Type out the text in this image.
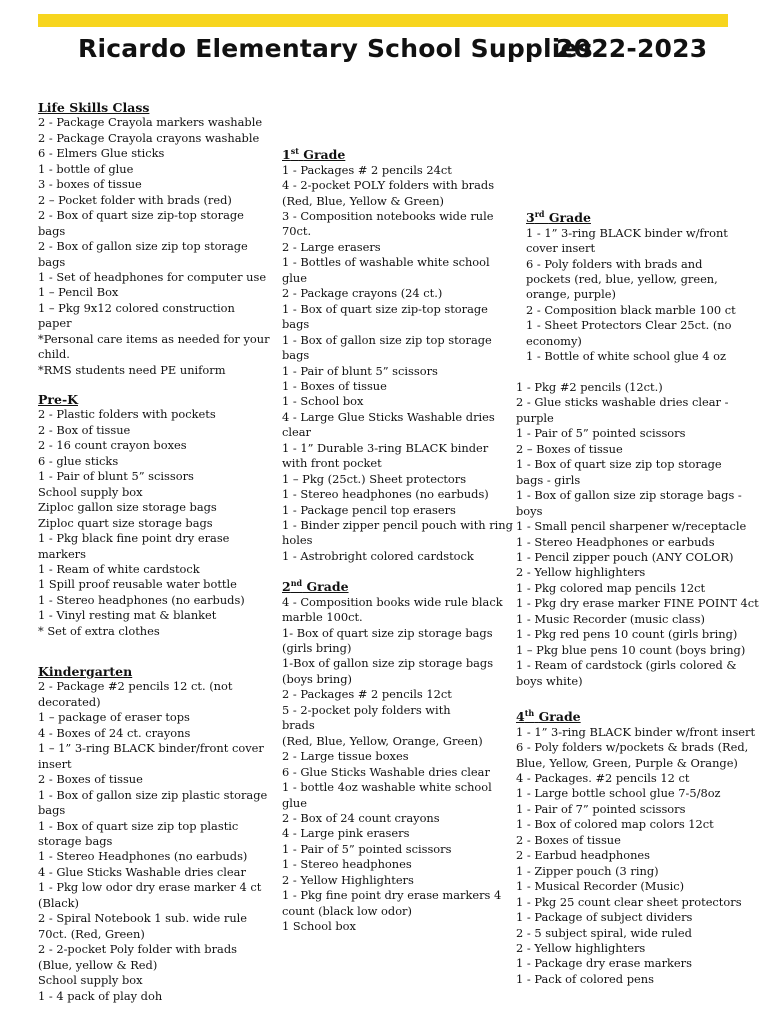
Ricardo Elementary School Supplies
2022-2023
Life Skills Class
2 - Package Crayola markers washable
2 - Package Crayola crayons washable
6 - Elmers Glue sticks
1 - bottle of glue
3 - boxes of tissue
2 – Pocket folder with brads (red)
2 - Box of quart size zip-top storage
bags
2 - Box of gallon size zip top storage
bags
1 - Set of headphones for computer use
1 – Pencil Box
1 – Pkg 9x12 colored construction
paper
*Personal care items as needed for your
child.
*RMS students need PE uniform
Pre-K
2 - Plastic folders with pockets
2 - Box of tissue
2 - 16 count crayon boxes
6 - glue sticks
1 - Pair of blunt 5” scissors
School supply box
Ziploc gallon size storage bags
Ziploc quart size storage bags
1 - Pkg black fine point dry erase
markers
1 - Ream of white cardstock
1 Spill proof reusable water bottle
1 - Stereo headphones (no earbuds)
1 - Vinyl resting mat & blanket
* Set of extra clothes
Kindergarten
2 - Package #2 pencils 12 ct. (not
decorated)
1 – package of eraser tops
4 - Boxes of 24 ct. crayons
1 – 1” 3-ring BLACK binder/front cover
insert
2 - Boxes of tissue
1 - Box of gallon size zip plastic storage
bags
1 - Box of quart size zip top plastic
storage bags
1 - Stereo Headphones (no earbuds)
4 - Glue Sticks Washable dries clear
1 - Pkg low odor dry erase marker 4 ct
(Black)
2 - Spiral Notebook 1 sub. wide rule
70ct. (Red, Green)
2 - 2-pocket Poly folder with brads
(Blue, yellow & Red)
School supply box
1 - 4 pack of play doh
1st Grade
1 - Packages # 2 pencils 24ct
4 - 2-pocket POLY folders with brads
(Red, Blue, Yellow & Green)
3 - Composition notebooks wide rule
70ct.
2 - Large erasers
1 - Bottles of washable white school
glue
2 - Package crayons (24 ct.)
1 - Box of quart size zip-top storage
bags
1 - Box of gallon size zip top storage
bags
1 - Pair of blunt 5” scissors
1 - Boxes of tissue
1 - School box
4 - Large Glue Sticks Washable dries
clear
1 - 1” Durable 3-ring BLACK binder
with front pocket
1 – Pkg (25ct.) Sheet protectors
1 - Stereo headphones (no earbuds)
1 - Package pencil top erasers
1 - Binder zipper pencil pouch with ring
holes
1 - Astrobright colored cardstock
2nd Grade
4 - Composition books wide rule black
marble 100ct.
1- Box of quart size zip storage bags
(girls bring)
1-Box of gallon size zip storage bags
(boys bring)
2 - Packages # 2 pencils 12ct
5 - 2-pocket poly folders with
brads
(Red, Blue, Yellow, Orange, Green)
2 - Large tissue boxes
6 - Glue Sticks Washable dries clear
1 - bottle 4oz washable white school
glue
2 - Box of 24 count crayons
4 - Large pink erasers
1 - Pair of 5” pointed scissors
1 - Stereo headphones
2 - Yellow Highlighters
1 - Pkg fine point dry erase markers 4
count (black low odor)
1 School box
3rd Grade
1 - 1” 3-ring BLACK binder w/front
cover insert
6 - Poly folders with brads and
pockets (red, blue, yellow, green,
orange, purple)
2 - Composition black marble 100 ct
1 - Sheet Protectors Clear 25ct. (no
economy)
1 - Bottle of white school glue 4 oz
1 - Pkg #2 pencils (12ct.)
2 - Glue sticks washable dries clear -
purple
1 - Pair of 5” pointed scissors
2 – Boxes of tissue
1 - Box of quart size zip top storage
bags - girls
1 - Box of gallon size zip storage bags -
boys
1 - Small pencil sharpener w/receptacle
1 - Stereo Headphones or earbuds
1 - Pencil zipper pouch (ANY COLOR)
2 - Yellow highlighters
1 - Pkg colored map pencils 12ct
1 - Pkg dry erase marker FINE POINT 4ct
1 - Music Recorder (music class)
1 - Pkg red pens 10 count (girls bring)
1 – Pkg blue pens 10 count (boys bring)
1 - Ream of cardstock (girls colored &
boys white)
4th Grade
1 - 1” 3-ring BLACK binder w/front insert
6 - Poly folders w/pockets & brads (Red,
Blue, Yellow, Green, Purple & Orange)
4 - Packages. #2 pencils 12 ct
1 - Large bottle school glue 7-5/8oz
1 - Pair of 7” pointed scissors
1 - Box of colored map colors 12ct
2 - Boxes of tissue
2 - Earbud headphones
1 - Zipper pouch (3 ring)
1 - Musical Recorder (Music)
1 - Pkg 25 count clear sheet protectors
1 - Package of subject dividers
2 - 5 subject spiral, wide ruled
2 - Yellow highlighters
1 - Package dry erase markers
1 - Pack of colored pens
